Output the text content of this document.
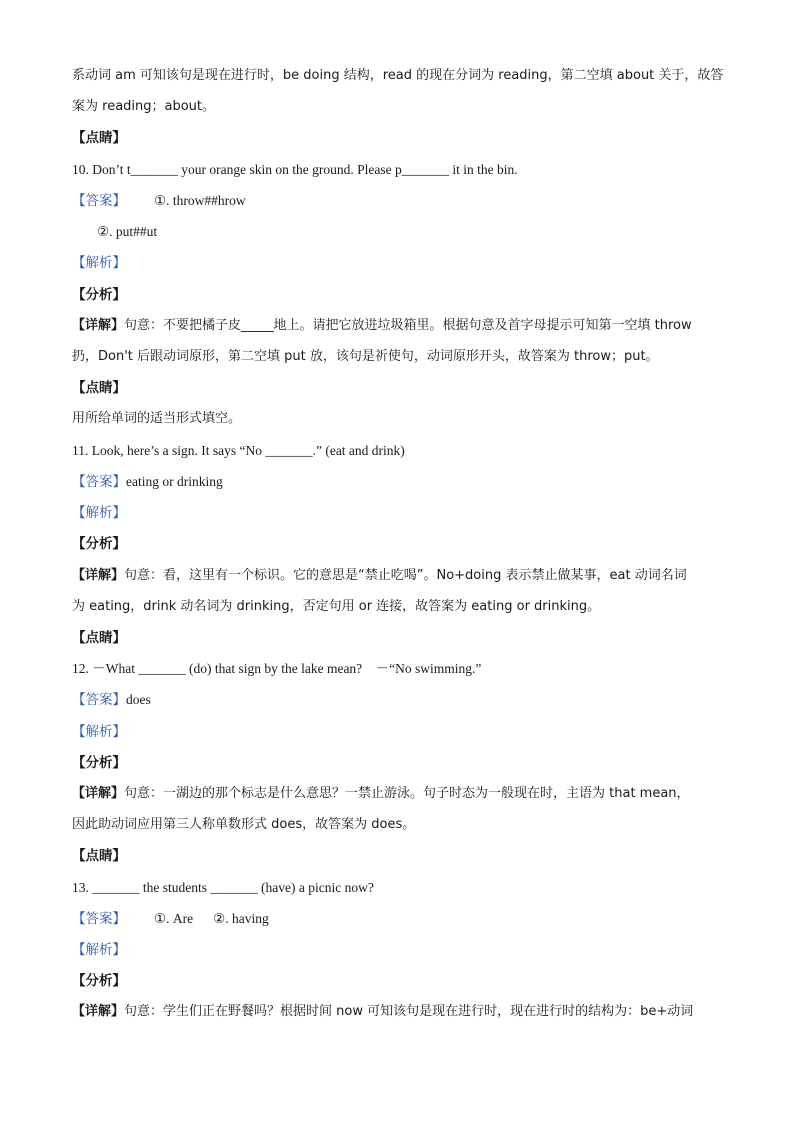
系动词 am 可知该句是现在进行时，be doing 结构，read 的现在分词为 reading，第二空填 about 关于，故答
案为 reading；about。
【点睛】
10. Don’t t_______ your orange skin on the ground. Please p_______ it in the bin.
【答案】 ①. throw##hrow
②. put##ut
【解析】
【分析】
【详解】句意：不要把橘子皮_____地上。请把它放进垃圾箱里。根据句意及首字母提示可知第一空填 throw
扔，Don't 后跟动词原形，第二空填 put 放，该句是祈使句，动词原形开头，故答案为 throw；put。
【点睛】
用所给单词的适当形式填空。
11. Look, here’s a sign. It says “No _______.” (eat and drink)
【答案】eating or drinking
【解析】
【分析】
【详解】句意：看，这里有一个标识。它的意思是“禁止吃喝”。No+doing 表示禁止做某事，eat 动词名词
为 eating，drink 动名词为 drinking，否定句用 or 连接，故答案为 eating or drinking。
【点睛】
12. －What _______ (do) that sign by the lake mean?　－“No swimming.”
【答案】does
【解析】
【分析】
【详解】句意：一湖边的那个标志是什么意思？一禁止游泳。句子时态为一般现在时，主语为 that mean，
因此助动词应用第三人称单数形式 does，故答案为 does。
【点睛】
13. _______ the students _______ (have) a picnic now?
【答案】 ①. Are ②. having
【解析】
【分析】
【详解】句意：学生们正在野餐吗？根据时间 now 可知该句是现在进行时，现在进行时的结构为：be+动词
